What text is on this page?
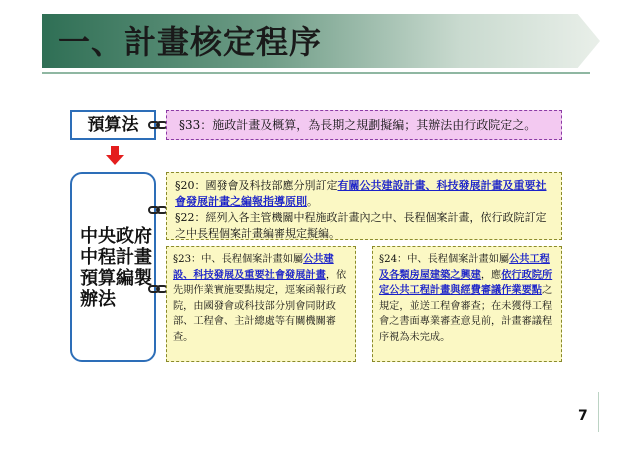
一、計畫核定程序
預算法	§33：施政計畫及概算，為長期之規劃擬編；其辦法由行政院定之。
中央政府
中程計畫
預算編製
辦法

§20：國發會及科技部應分別訂定有關公共建設計畫、科技發展計畫及重要社會發展計畫之編報指導原則。

§22：經列入各主管機關中程施政計畫內之中、長程個案計畫，依行政院訂定之中長程個案計畫編審規定擬編。

§23：中、長程個案計畫如屬公共建設、科技發展及重要社會發展計畫，依先期作業實施要點規定，逕案函報行政院，由國發會或科技部分別會同財政部、工程會、主計總處等有關機關審查。

§24：中、長程個案計畫如屬公共工程及各類房屋建築之興建，應依行政院所定公共工程計畫與經費審議作業要點之規定，並送工程會審查；在未獲得工程會之書面專業審查意見前，計畫審議程序視為未完成。

7
